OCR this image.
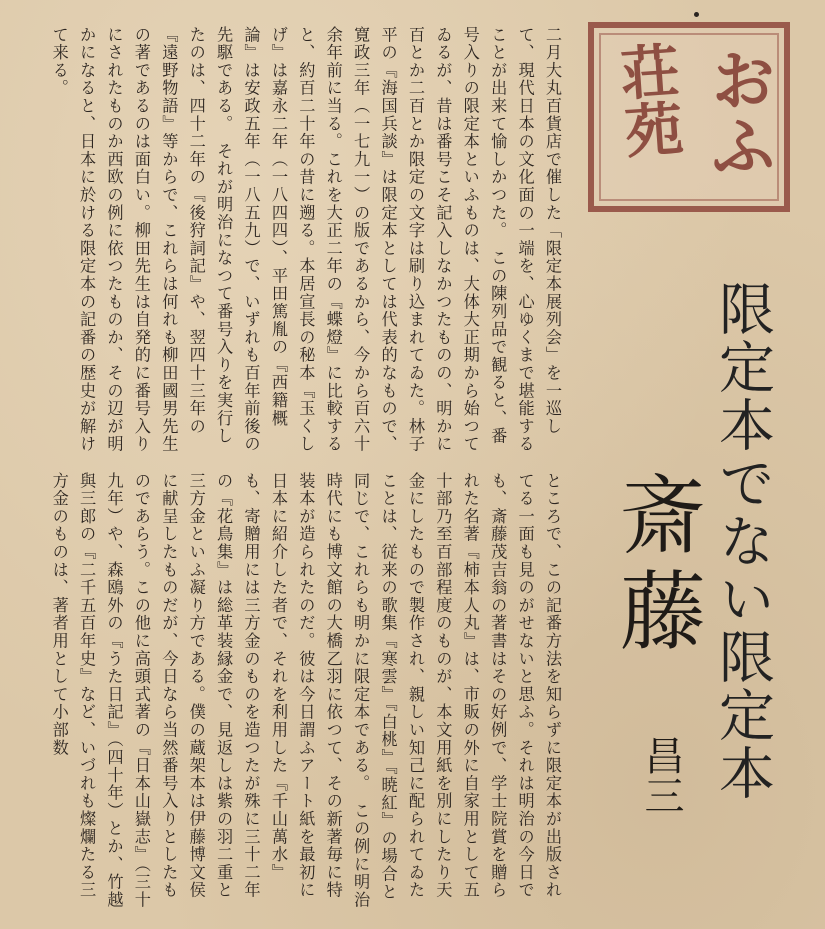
おふ
荘苑
限定本でない限定本
斎藤
昌三
二月大丸百貨店で催した「限定本展列会」を一巡して、現代日本の文化面の一端を、心ゆくまで堪能することが出来て愉しかつた。　この陳列品で観ると、番号入りの限定本といふものは、大体大正期から始つてゐるが、昔は番号こそ記入しなかつたものの、明かに百とか二百とか限定の文字は刷り込まれてゐた。林子平の『海国兵談』は限定本としては代表的なもので、寛政三年（一七九一）の版であるから、今から百六十余年前に当る。これを大正二年の『蝶燈』に比較すると、約百二十年の昔に遡る。本居宣長の秘本『玉くしげ』は嘉永二年（一八四四）、平田篤胤の『西籍概論』は安政五年（一八五九）で、いずれも百年前後の先駆である。　それが明治になつて番号入りを実行したのは、四十二年の『後狩詞記』や、翌四十三年の『遠野物語』等からで、これらは何れも柳田國男先生の著であるのは面白い。柳田先生は自発的に番号入りにされたものか西欧の例に依つたものか、その辺が明かになると、日本に於ける限定本の記番の歴史が解けて来る。
ところで、この記番方法を知らずに限定本が出版されてる一面も見のがせないと思ふ。それは明治の今日でも、斎藤茂吉翁の著書はその好例で、学士院賞を贈られた名著『柿本人丸』は、市販の外に自家用として五十部乃至百部程度のものが、本文用紙を別にしたり天金にしたもので製作され、親しい知己に配られてゐたことは、従来の歌集『寒雲』『白桃』『暁紅』の場合と同じで、これらも明かに限定本である。　この例に明治時代にも博文館の大橋乙羽に依つて、その新著毎に特装本が造られたのだ。彼は今日謂ふアート紙を最初に日本に紹介した者で、それを利用した『千山萬水』も、寄贈用には三方金のものを造つたが殊に三十二年の『花鳥集』は総革装縁金で、見返しは紫の羽二重と三方金といふ凝り方である。僕の蔵架本は伊藤博文侯に献呈したものだが、今日なら当然番号入りとしたものであらう。この他に高頭式著の『日本山嶽志』（三十九年）や、森鴎外の『うた日記』（四十年）とか、竹越與三郎の『二千五百年史』など、いづれも燦爛たる三方金のものは、著者用として小部数
